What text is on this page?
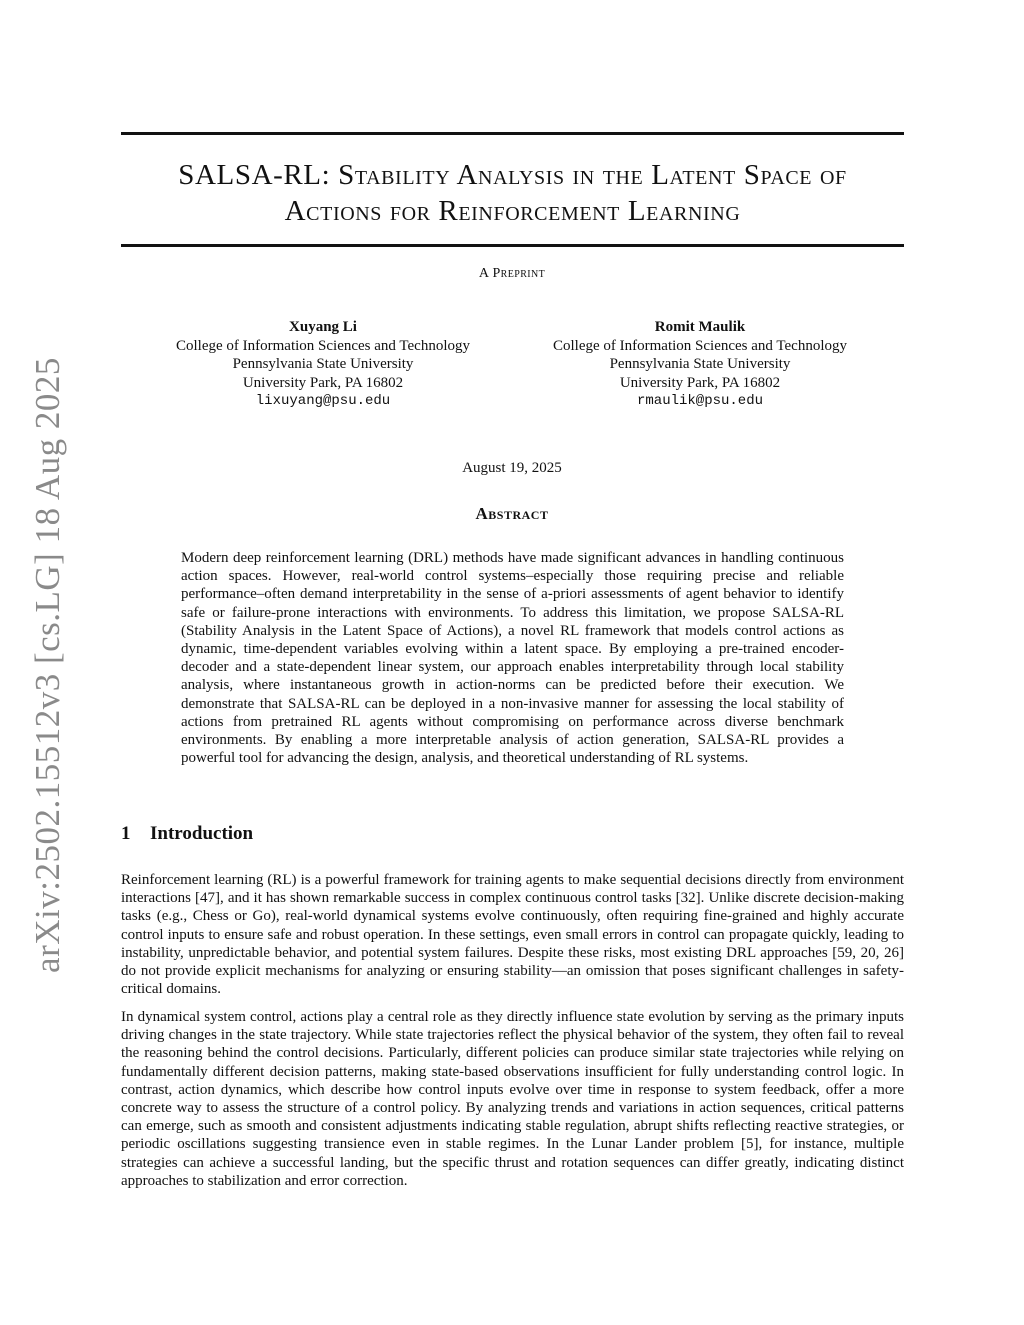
arXiv:2502.15512v3 [cs.LG] 18 Aug 2025
SALSA-RL: Stability Analysis in the Latent Space of
Actions for Reinforcement Learning
A Preprint
Xuyang Li
College of Information Sciences and Technology
Pennsylvania State University
University Park, PA 16802
lixuyang@psu.edu
Romit Maulik
College of Information Sciences and Technology
Pennsylvania State University
University Park, PA 16802
rmaulik@psu.edu
August 19, 2025
Abstract

Modern deep reinforcement learning (DRL) methods have made significant advances in handling continuous action spaces. However, real-world control systems–especially those requiring precise and reliable performance–often demand interpretability in the sense of a-priori assessments of agent behavior to identify safe or failure-prone interactions with environments. To address this limitation, we propose SALSA-RL (Stability Analysis in the Latent Space of Actions), a novel RL framework that models control actions as dynamic, time-dependent variables evolving within a latent space. By employing a pre-trained encoder-decoder and a state-dependent linear system, our approach enables interpretability through local stability analysis, where instantaneous growth in action-norms can be predicted before their execution. We demonstrate that SALSA-RL can be deployed in a non-invasive manner for assessing the local stability of actions from pretrained RL agents without compromising on performance across diverse benchmark environments. By enabling a more interpretable analysis of action generation, SALSA-RL provides a powerful tool for advancing the design, analysis, and theoretical understanding of RL systems.

1 Introduction

Reinforcement learning (RL) is a powerful framework for training agents to make sequential decisions directly from environment interactions [47], and it has shown remarkable success in complex continuous control tasks [32]. Unlike discrete decision-making tasks (e.g., Chess or Go), real-world dynamical systems evolve continuously, often requiring fine-grained and highly accurate control inputs to ensure safe and robust operation. In these settings, even small errors in control can propagate quickly, leading to instability, unpredictable behavior, and potential system failures. Despite these risks, most existing DRL approaches [59, 20, 26] do not provide explicit mechanisms for analyzing or ensuring stability—an omission that poses significant challenges in safety-critical domains.

In dynamical system control, actions play a central role as they directly influence state evolution by serving as the primary inputs driving changes in the state trajectory. While state trajectories reflect the physical behavior of the system, they often fail to reveal the reasoning behind the control decisions. Particularly, different policies can produce similar state trajectories while relying on fundamentally different decision patterns, making state-based observations insufficient for fully understanding control logic. In contrast, action dynamics, which describe how control inputs evolve over time in response to system feedback, offer a more concrete way to assess the structure of a control policy. By analyzing trends and variations in action sequences, critical patterns can emerge, such as smooth and consistent adjustments indicating stable regulation, abrupt shifts reflecting reactive strategies, or periodic oscillations suggesting transience even in stable regimes. In the Lunar Lander problem [5], for instance, multiple strategies can achieve a successful landing, but the specific thrust and rotation sequences can differ greatly, indicating distinct approaches to stabilization and error correction.
